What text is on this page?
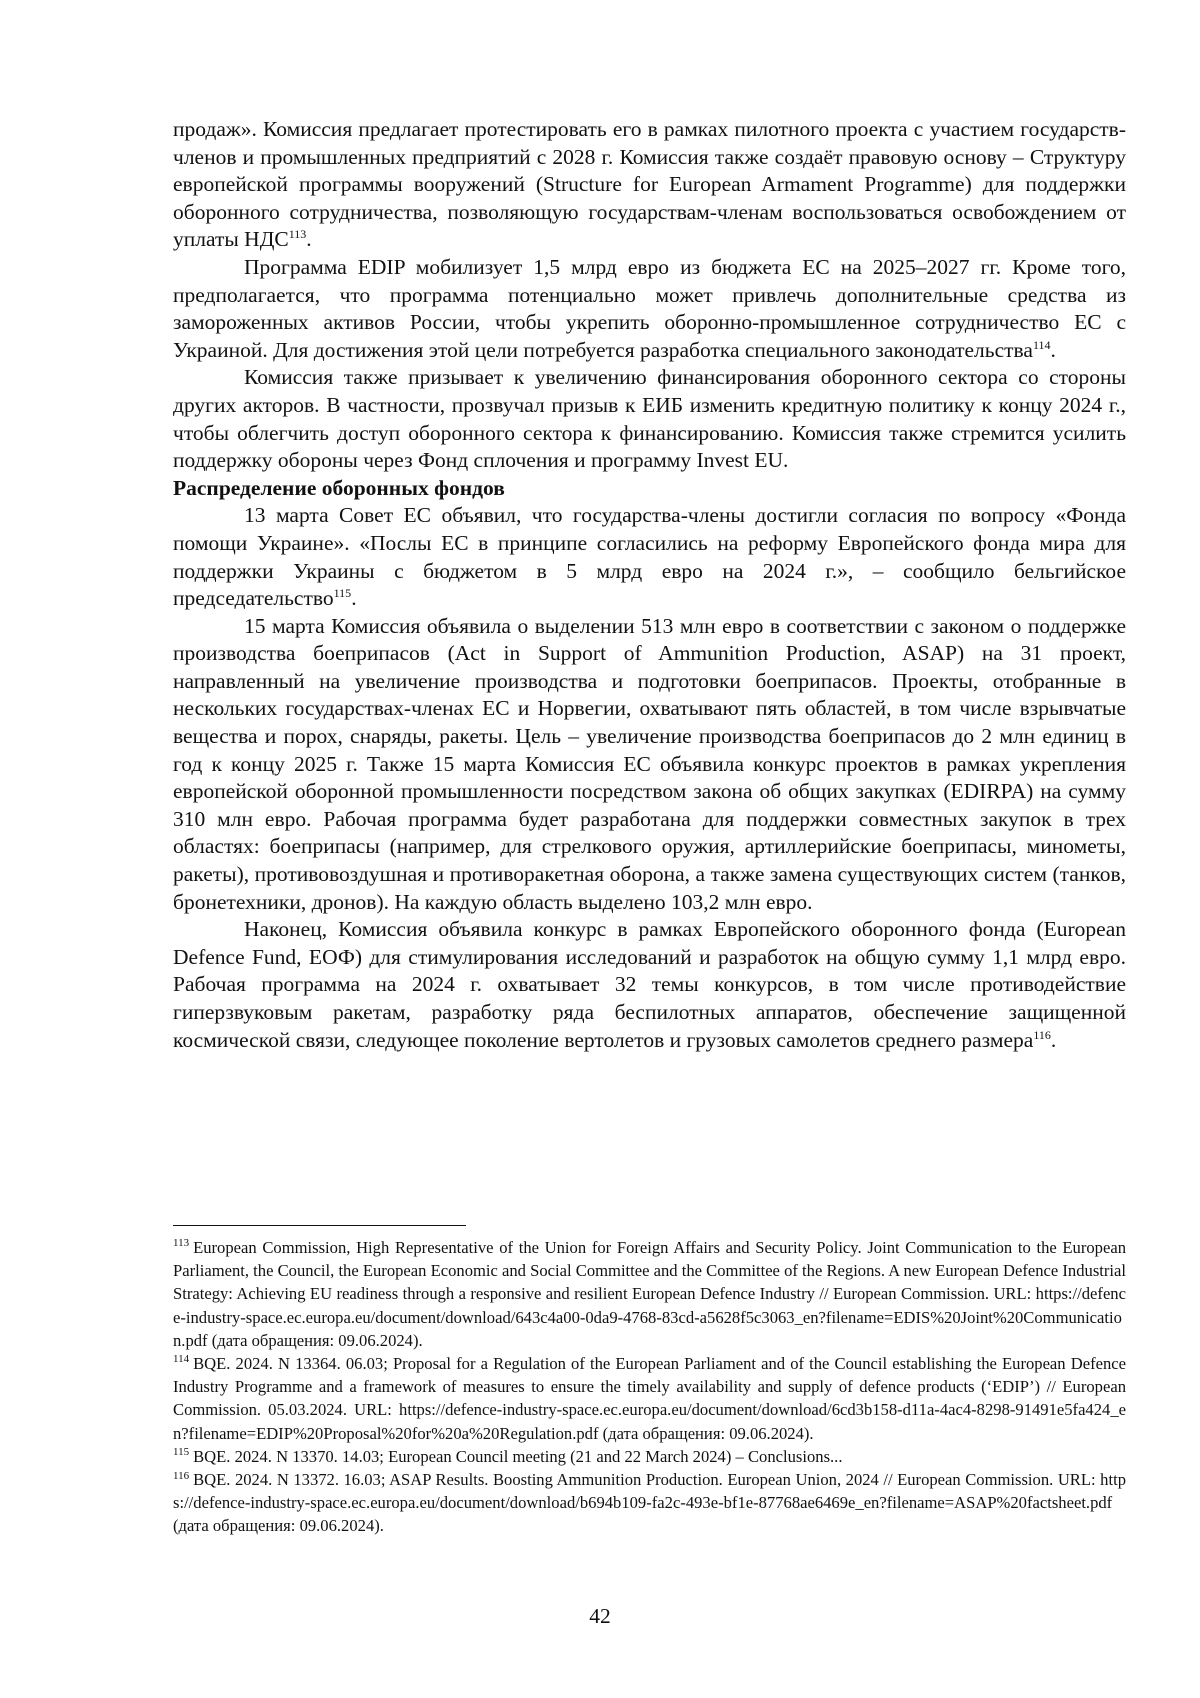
продаж». Комиссия предлагает протестировать его в рамках пилотного проекта с участием государств-членов и промышленных предприятий с 2028 г. Комиссия также создаёт правовую основу – Структуру европейской программы вооружений (Structure for European Armament Programme) для поддержки оборонного сотрудничества, позволяющую государствам-членам воспользоваться освобождением от уплаты НДС$^{113}$.

Программа EDIP мобилизует 1,5 млрд евро из бюджета ЕС на 2025–2027 гг. Кроме того, предполагается, что программа потенциально может привлечь дополнительные средства из замороженных активов России, чтобы укрепить оборонно-промышленное сотрудничество ЕС с Украиной. Для достижения этой цели потребуется разработка специального законодательства$^{114}$.

Комиссия также призывает к увеличению финансирования оборонного сектора со стороны других акторов. В частности, прозвучал призыв к ЕИБ изменить кредитную политику к концу 2024 г., чтобы облегчить доступ оборонного сектора к финансированию. Комиссия также стремится усилить поддержку обороны через Фонд сплочения и программу Invest EU.

Распределение оборонных фондов

13 марта Совет ЕС объявил, что государства-члены достигли согласия по вопросу «Фонда помощи Украине». «Послы ЕС в принципе согласились на реформу Европейского фонда мира для поддержки Украины с бюджетом в 5 млрд евро на 2024 г.», – сообщило бельгийское председательство$^{115}$.

15 марта Комиссия объявила о выделении 513 млн евро в соответствии с законом о поддержке производства боеприпасов (Act in Support of Ammunition Production, ASAP) на 31 проект, направленный на увеличение производства и подготовки боеприпасов. Проекты, отобранные в нескольких государствах-членах ЕС и Норвегии, охватывают пять областей, в том числе взрывчатые вещества и порох, снаряды, ракеты. Цель – увеличение производства боеприпасов до 2 млн единиц в год к концу 2025 г. Также 15 марта Комиссия ЕС объявила конкурс проектов в рамках укрепления европейской оборонной промышленности посредством закона об общих закупках (EDIRPA) на сумму 310 млн евро. Рабочая программа будет разработана для поддержки совместных закупок в трех областях: боеприпасы (например, для стрелкового оружия, артиллерийские боеприпасы, минометы, ракеты), противовоздушная и противоракетная оборона, а также замена существующих систем (танков, бронетехники, дронов). На каждую область выделено 103,2 млн евро.

Наконец, Комиссия объявила конкурс в рамках Европейского оборонного фонда (European Defence Fund, ЕОФ) для стимулирования исследований и разработок на общую сумму 1,1 млрд евро. Рабочая программа на 2024 г. охватывает 32 темы конкурсов, в том числе противодействие гиперзвуковым ракетам, разработку ряда беспилотных аппаратов, обеспечение защищенной космической связи, следующее поколение вертолетов и грузовых самолетов среднего размера$^{116}$.

$^{113}$ European Commission, High Representative of the Union for Foreign Affairs and Security Policy. Joint Communication to the European Parliament, the Council, the European Economic and Social Committee and the Committee of the Regions. A new European Defence Industrial Strategy: Achieving EU readiness through a responsive and resilient European Defence Industry // European Commission. URL: https://defence-industry-space.ec.europa.eu/document/download/643c4a00-0da9-4768-83cd-a5628f5c3063_en?filename=EDIS%20Joint%20Communication.pdf (дата обращения: 09.06.2024).

$^{114}$ BQE. 2024. N 13364. 06.03; Proposal for a Regulation of the European Parliament and of the Council establishing the European Defence Industry Programme and a framework of measures to ensure the timely availability and supply of defence products (‘EDIP’) // European Commission. 05.03.2024. URL: https://defence-industry-space.ec.europa.eu/document/download/6cd3b158-d11a-4ac4-8298-91491e5fa424_en?filename=EDIP%20Proposal%20for%20a%20Regulation.pdf (дата обращения: 09.06.2024).

$^{115}$ BQE. 2024. N 13370. 14.03; European Council meeting (21 and 22 March 2024) – Conclusions...

$^{116}$ BQE. 2024. N 13372. 16.03; ASAP Results. Boosting Ammunition Production. European Union, 2024 // European Commission. URL: https://defence-industry-space.ec.europa.eu/document/download/b694b109-fa2c-493e-bf1e-87768ae6469e_en?filename=ASAP%20factsheet.pdf (дата обращения: 09.06.2024).

42
